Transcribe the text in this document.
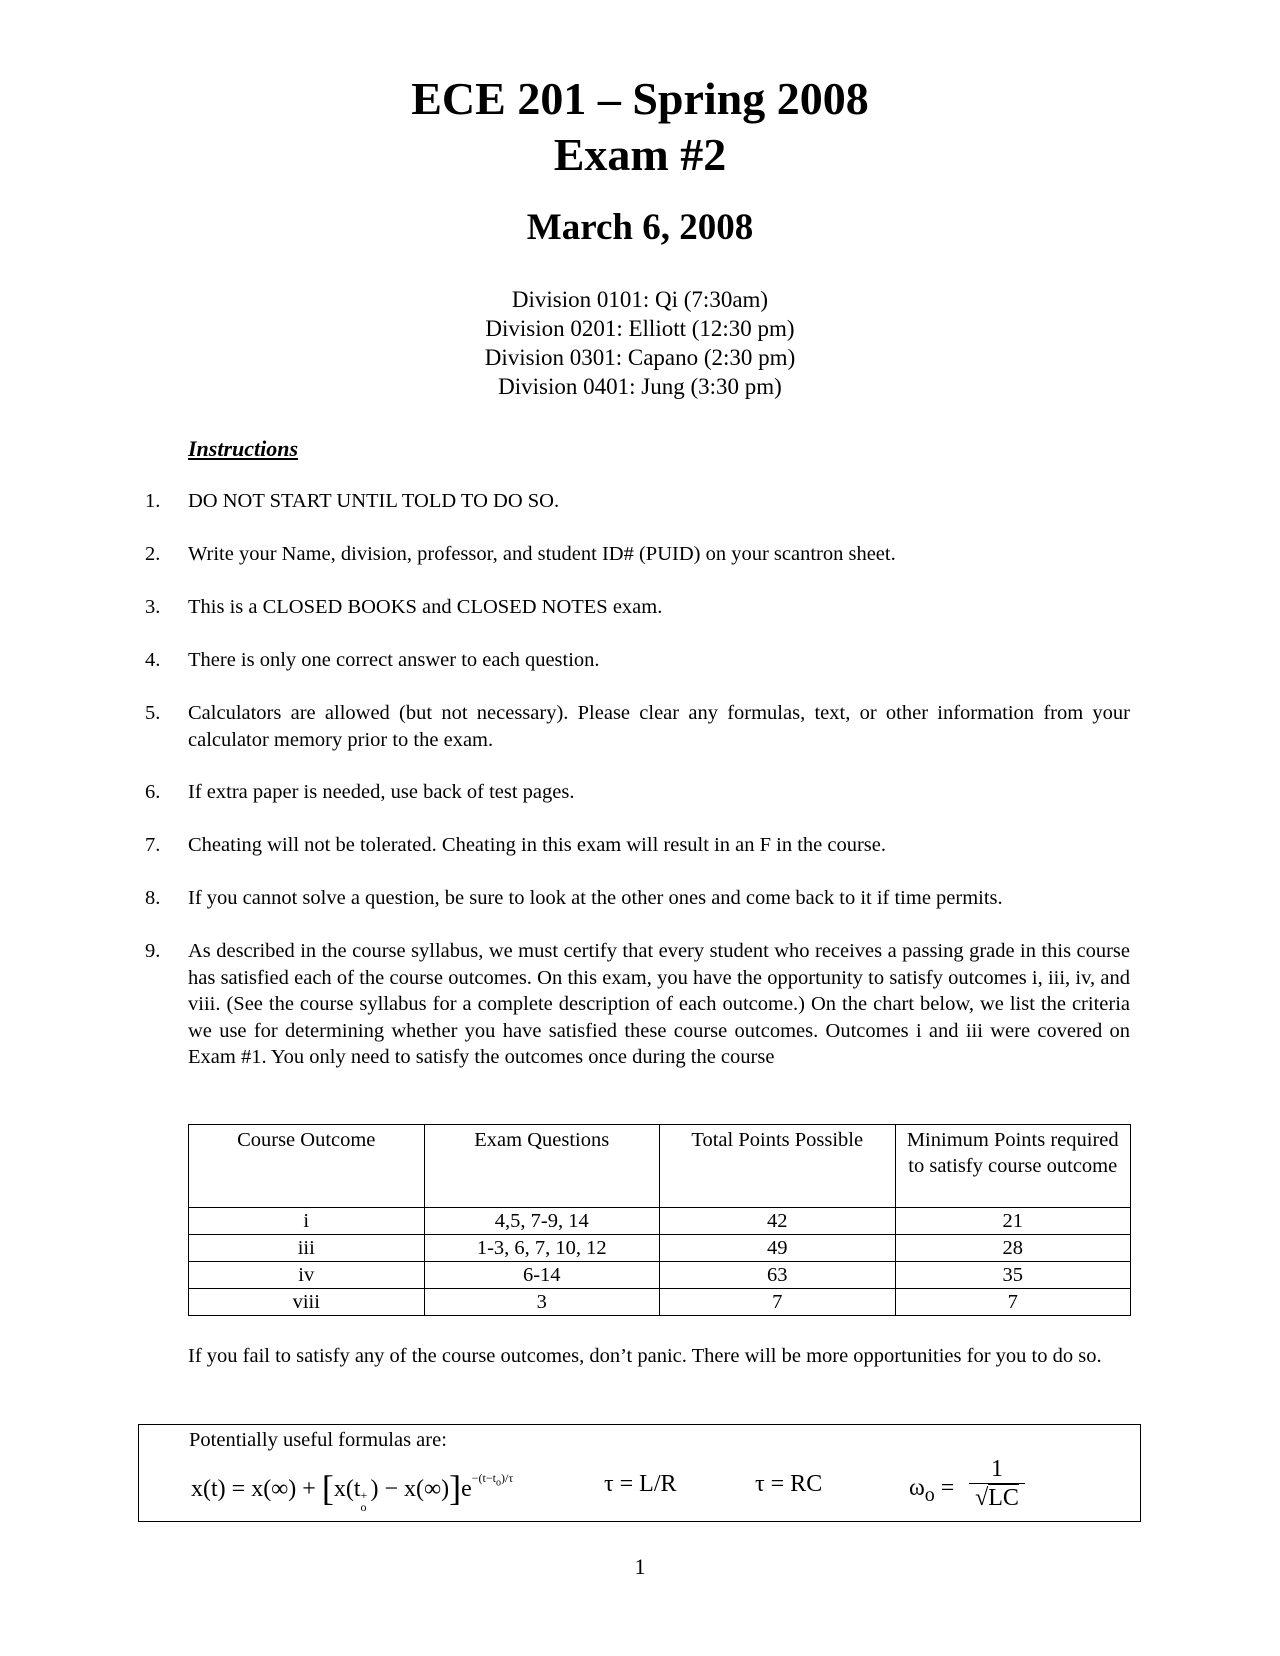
ECE 201 – Spring 2008
Exam #2
March 6, 2008
Division 0101: Qi (7:30am)
Division 0201: Elliott (12:30 pm)
Division 0301: Capano (2:30 pm)
Division 0401: Jung (3:30 pm)
Instructions
1.	DO NOT START UNTIL TOLD TO DO SO.
2.	Write your Name, division, professor, and student ID# (PUID) on your scantron sheet.
3.	This is a CLOSED BOOKS and CLOSED NOTES exam.
4.	There is only one correct answer to each question.
5.	Calculators are allowed (but not necessary). Please clear any formulas, text, or other information from your calculator memory prior to the exam.
6.	If extra paper is needed, use back of test pages.
7.	Cheating will not be tolerated. Cheating in this exam will result in an F in the course.
8.	If you cannot solve a question, be sure to look at the other ones and come back to it if time permits.
9.	As described in the course syllabus, we must certify that every student who receives a passing grade in this course has satisfied each of the course outcomes. On this exam, you have the opportunity to satisfy outcomes i, iii, iv, and viii. (See the course syllabus for a complete description of each outcome.) On the chart below, we list the criteria we use for determining whether you have satisfied these course outcomes. Outcomes i and iii were covered on Exam #1. You only need to satisfy the outcomes once during the course
Course Outcome	Exam Questions	Total Points Possible	Minimum Points required to satisfy course outcome
i	4,5, 7-9, 14	42	21
iii	1-3, 6, 7, 10, 12	49	28
iv	6-14	63	35
viii	3	7	7
If you fail to satisfy any of the course outcomes, don’t panic. There will be more opportunities for you to do so.
Potentially useful formulas are:
x(t) = x(∞) + [x(t +
o
) − $x(\infty)]e^{-(t-t_o)/\tau}$	τ = L/R	τ = RC	$\omega_o = \frac{1}{√LC}$
1
